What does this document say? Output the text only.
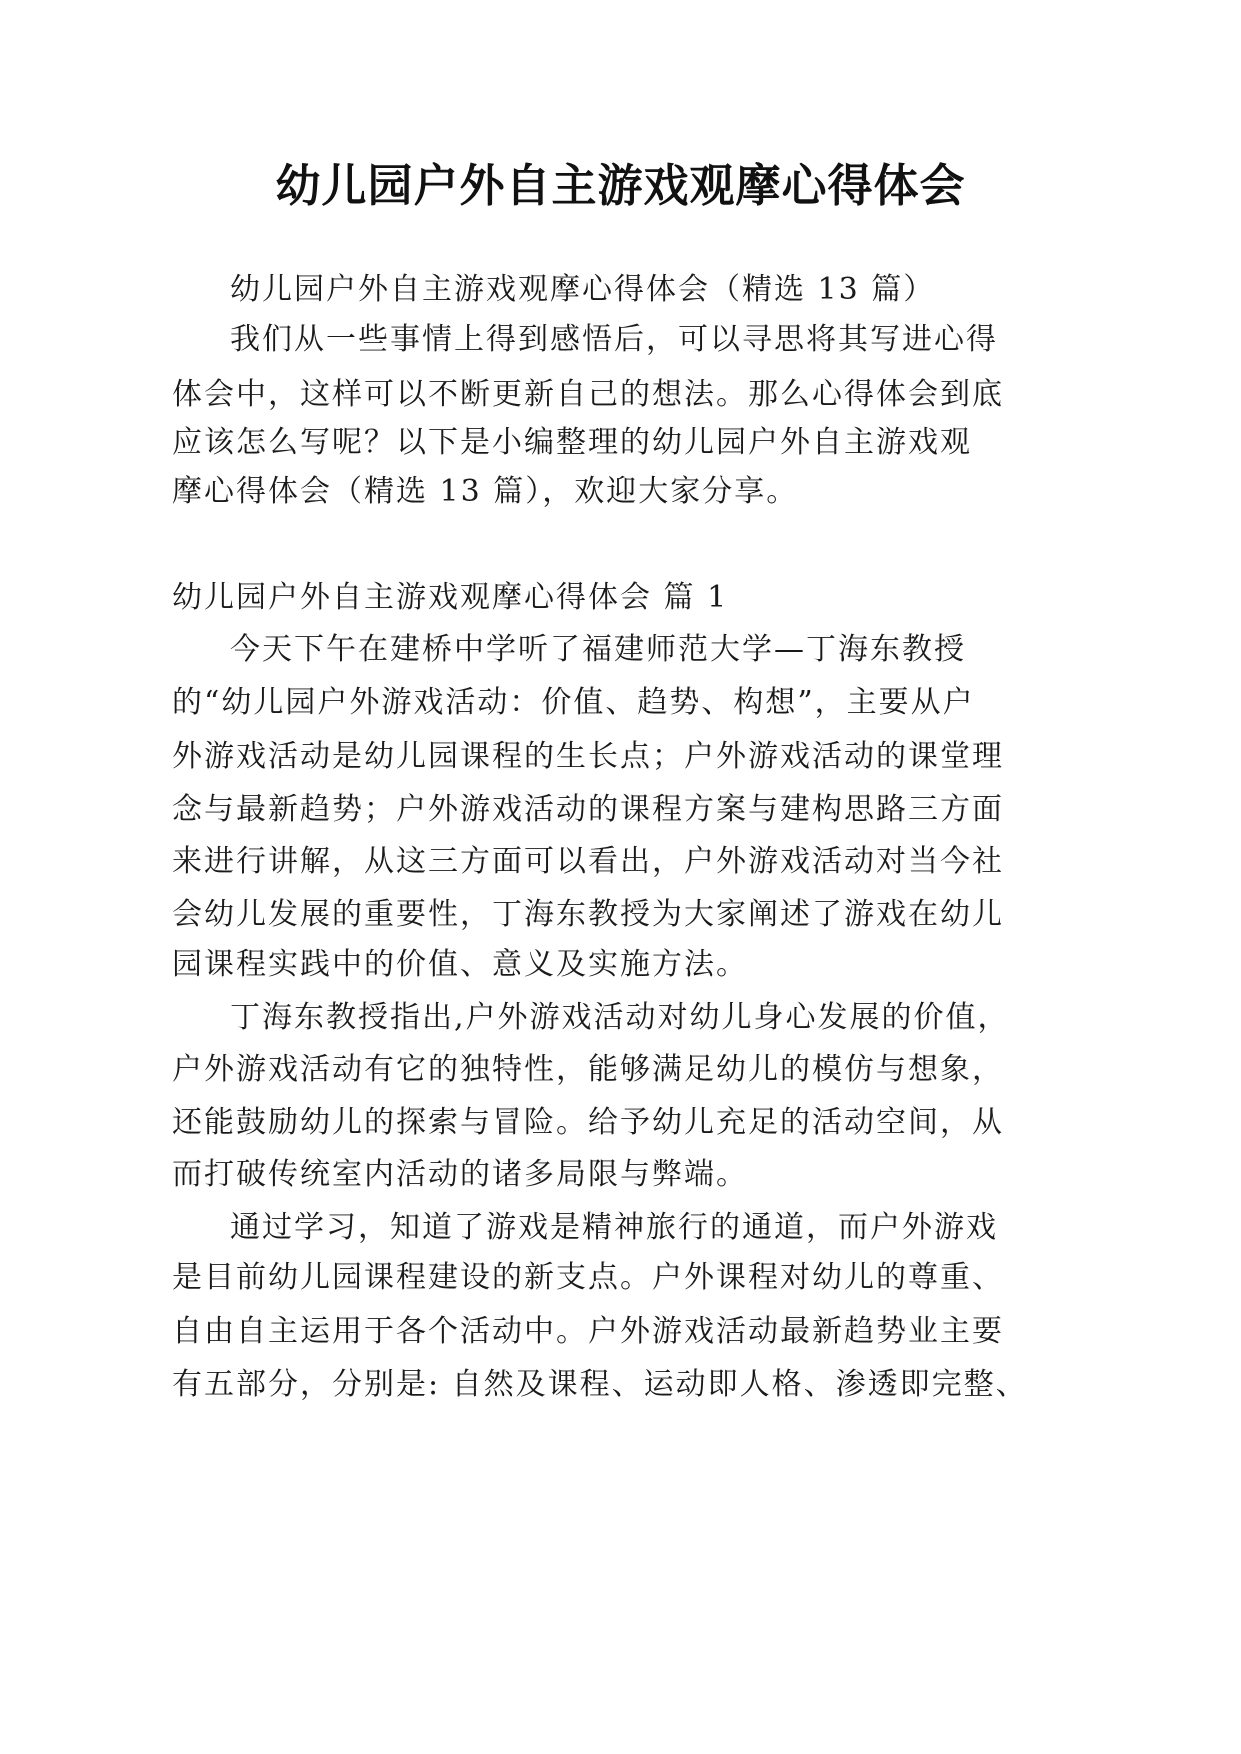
幼儿园户外自主游戏观摩心得体会
幼儿园户外自主游戏观摩心得体会（精选 13 篇）
我们从一些事情上得到感悟后，可以寻思将其写进心得
体会中，这样可以不断更新自己的想法。那么心得体会到底
应该怎么写呢？以下是小编整理的幼儿园户外自主游戏观
摩心得体会（精选 13 篇），欢迎大家分享。
幼儿园户外自主游戏观摩心得体会 篇 1
今天下午在建桥中学听了福建师范大学—丁海东教授
的“幼儿园户外游戏活动：价值、趋势、构想”，主要从户
外游戏活动是幼儿园课程的生长点；户外游戏活动的课堂理
念与最新趋势；户外游戏活动的课程方案与建构思路三方面
来进行讲解，从这三方面可以看出，户外游戏活动对当今社
会幼儿发展的重要性，丁海东教授为大家阐述了游戏在幼儿
园课程实践中的价值、意义及实施方法。
丁海东教授指出,户外游戏活动对幼儿身心发展的价值，
户外游戏活动有它的独特性，能够满足幼儿的模仿与想象，
还能鼓励幼儿的探索与冒险。给予幼儿充足的活动空间，从
而打破传统室内活动的诸多局限与弊端。
通过学习，知道了游戏是精神旅行的通道，而户外游戏
是目前幼儿园课程建设的新支点。户外课程对幼儿的尊重、
自由自主运用于各个活动中。户外游戏活动最新趋势业主要
有五部分，分别是: 自然及课程、运动即人格、渗透即完整、
